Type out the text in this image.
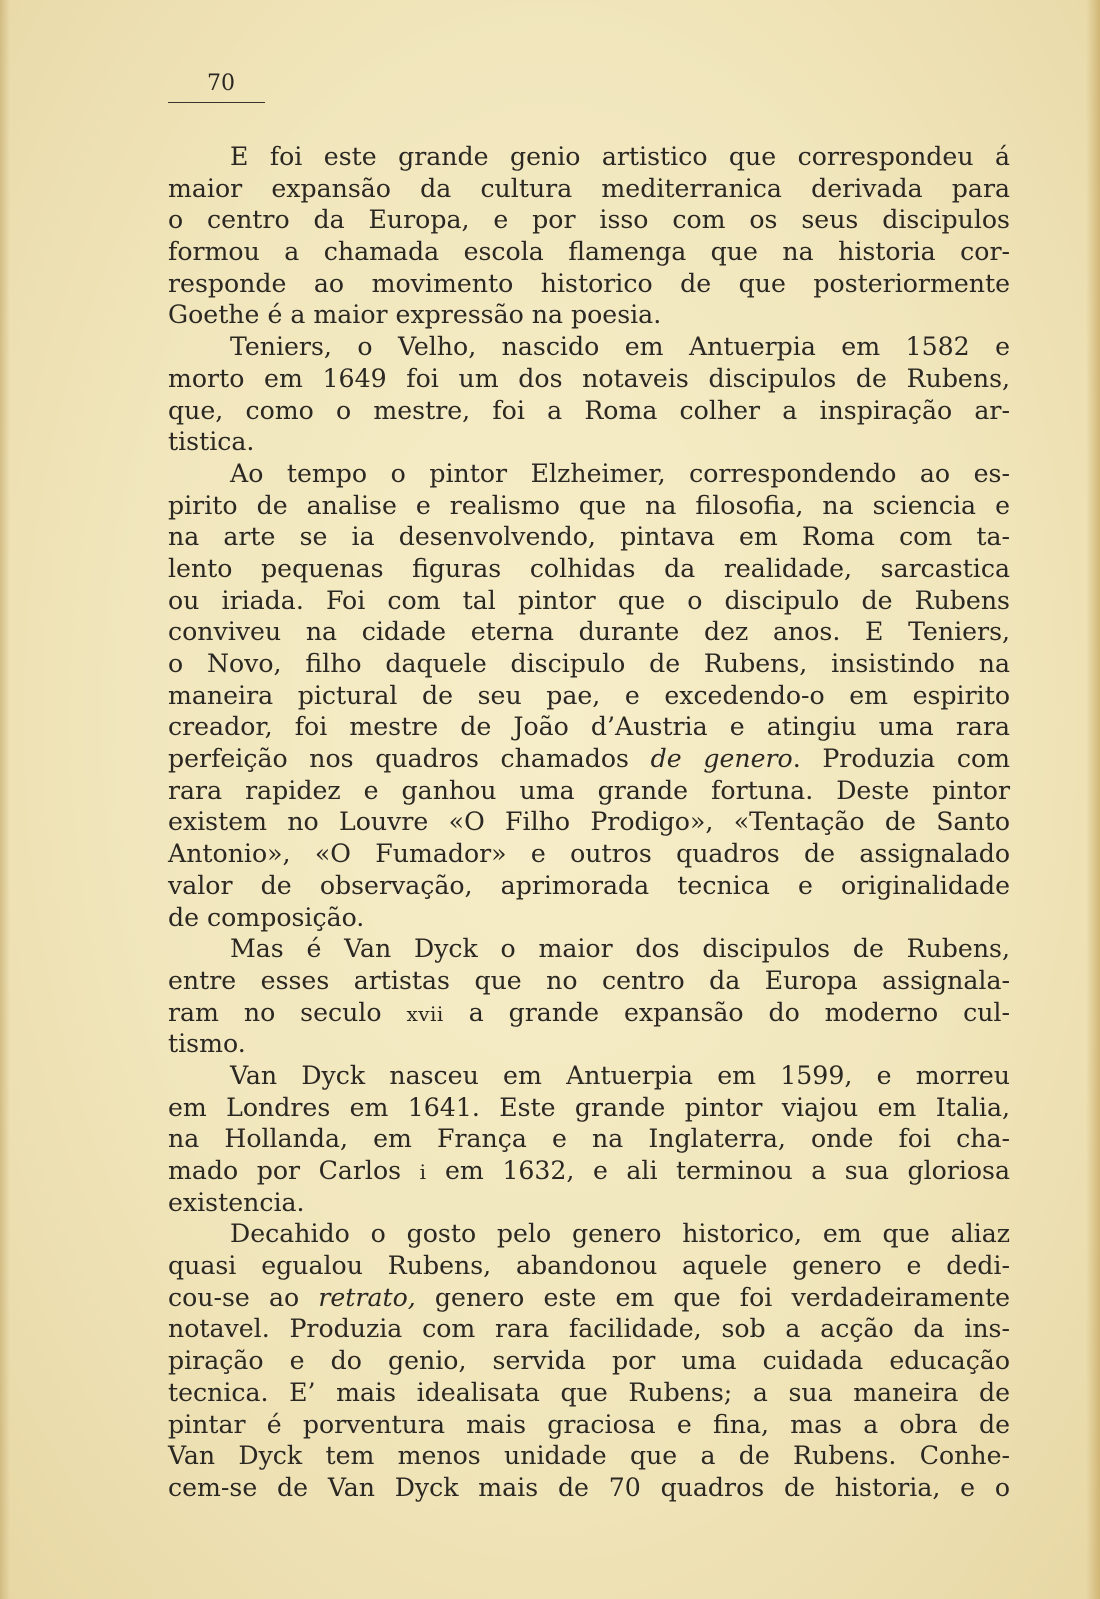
70
E foi este grande genio artistico que correspondeu á
maior expansão da cultura mediterranica derivada para
o centro da Europa, e por isso com os seus discipulos
formou a chamada escola flamenga que na historia cor-
responde ao movimento historico de que posteriormente
Goethe é a maior expressão na poesia.
Teniers, o Velho, nascido em Antuerpia em 1582 e
morto em 1649 foi um dos notaveis discipulos de Rubens,
que, como o mestre, foi a Roma colher a inspiração ar-
tistica.
Ao tempo o pintor Elzheimer, correspondendo ao es-
pirito de analise e realismo que na filosofia, na sciencia e
na arte se ia desenvolvendo, pintava em Roma com ta-
lento pequenas figuras colhidas da realidade, sarcastica
ou iriada. Foi com tal pintor que o discipulo de Rubens
conviveu na cidade eterna durante dez anos. E Teniers,
o Novo, filho daquele discipulo de Rubens, insistindo na
maneira pictural de seu pae, e excedendo-o em espirito
creador, foi mestre de João d’Austria e atingiu uma rara
perfeição nos quadros chamados de genero. Produzia com
rara rapidez e ganhou uma grande fortuna. Deste pintor
existem no Louvre «O Filho Prodigo», «Tentação de Santo
Antonio», «O Fumador» e outros quadros de assignalado
valor de observação, aprimorada tecnica e originalidade
de composição.
Mas é Van Dyck o maior dos discipulos de Rubens,
entre esses artistas que no centro da Europa assignala-
ram no seculo xvii a grande expansão do moderno cul-
tismo.
Van Dyck nasceu em Antuerpia em 1599, e morreu
em Londres em 1641. Este grande pintor viajou em Italia,
na Hollanda, em França e na Inglaterra, onde foi cha-
mado por Carlos i em 1632, e ali terminou a sua gloriosa
existencia.
Decahido o gosto pelo genero historico, em que aliaz
quasi egualou Rubens, abandonou aquele genero e dedi-
cou-se ao retrato, genero este em que foi verdadeiramente
notavel. Produzia com rara facilidade, sob a acção da ins-
piração e do genio, servida por uma cuidada educação
tecnica. E’ mais idealisata que Rubens; a sua maneira de
pintar é porventura mais graciosa e fina, mas a obra de
Van Dyck tem menos unidade que a de Rubens. Conhe-
cem-se de Van Dyck mais de 70 quadros de historia, e o
